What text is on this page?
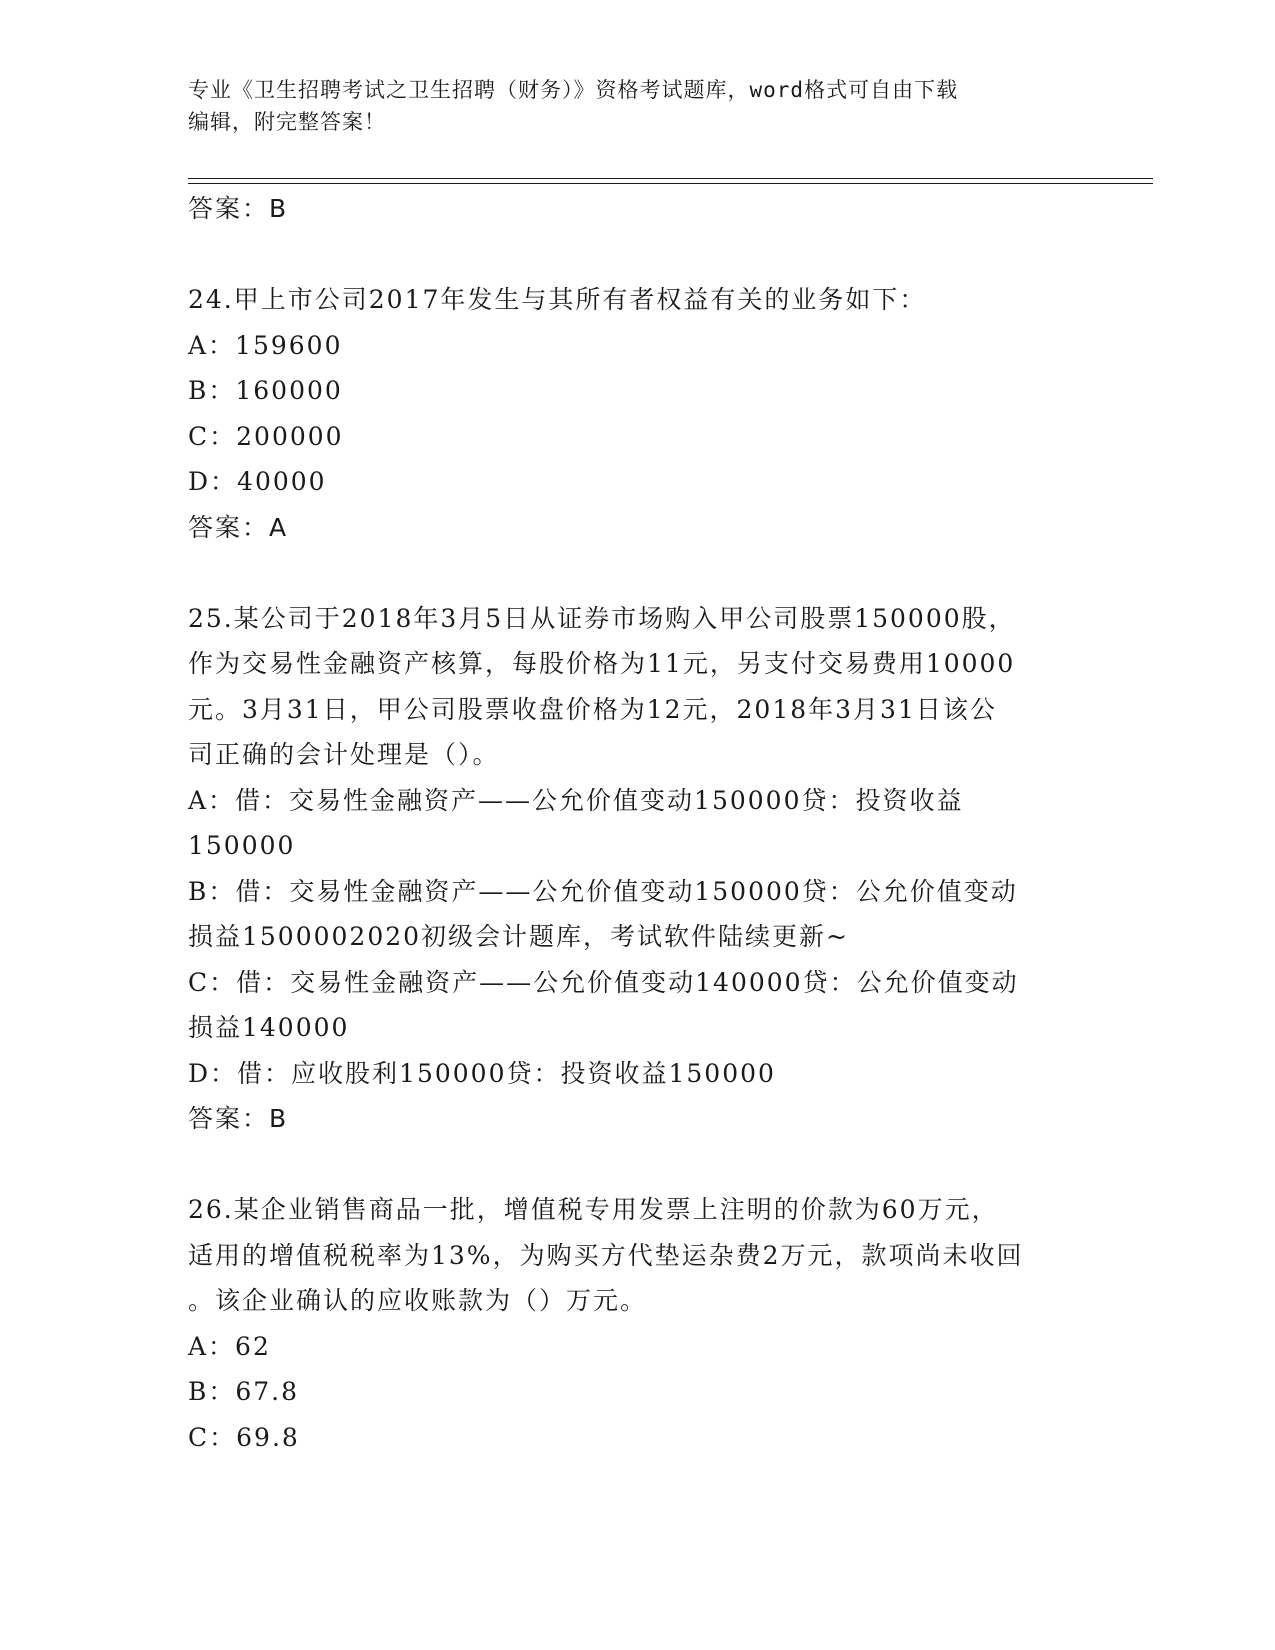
专业《卫生招聘考试之卫生招聘（财务）》资格考试题库，word格式可自由下载
编辑，附完整答案！
答案：B
24.甲上市公司2017年发生与其所有者权益有关的业务如下：
A：159600
B：160000
C：200000
D：40000
答案：A
25.某公司于2018年3月5日从证券市场购入甲公司股票150000股，
作为交易性金融资产核算，每股价格为11元，另支付交易费用10000
元。3月31日，甲公司股票收盘价格为12元，2018年3月31日该公
司正确的会计处理是（）。
A：借：交易性金融资产——公允价值变动150000贷：投资收益
150000
B：借：交易性金融资产——公允价值变动150000贷：公允价值变动
损益1500002020初级会计题库，考试软件陆续更新~
C：借：交易性金融资产——公允价值变动140000贷：公允价值变动
损益140000
D：借：应收股利150000贷：投资收益150000
答案：B
26.某企业销售商品一批，增值税专用发票上注明的价款为60万元，
适用的增值税税率为13%，为购买方代垫运杂费2万元，款项尚未收回
。该企业确认的应收账款为（）万元。
A：62
B：67.8
C：69.8
